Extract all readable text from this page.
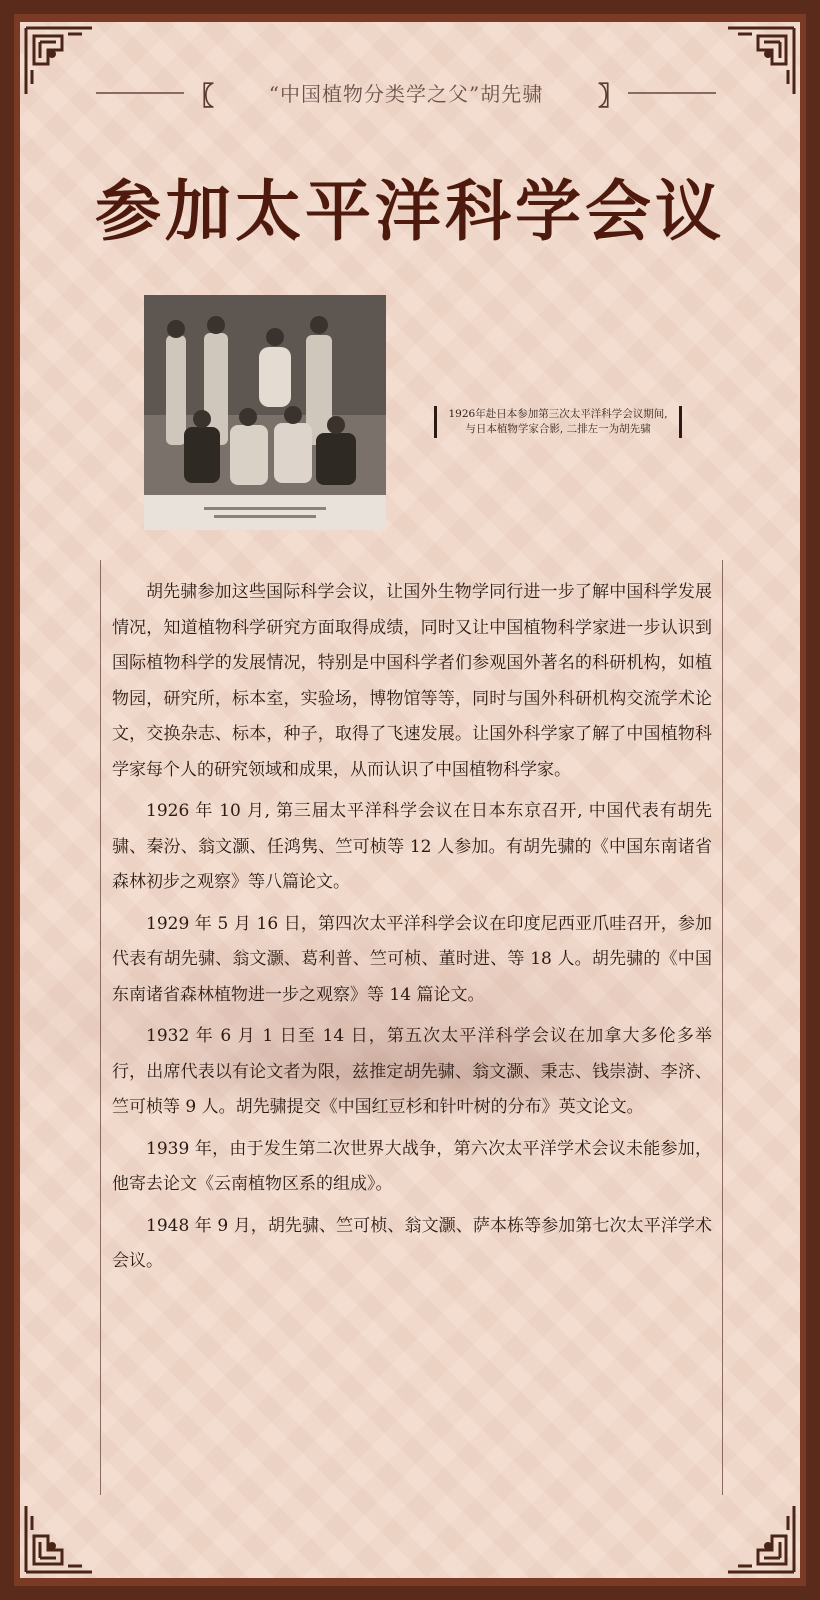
〖	“中国植物分类学之父”胡先骕	〗
参加太平洋科学会议
1926年赴日本参加第三次太平洋科学会议期间,
与日本植物学家合影, 二排左一为胡先骕

胡先骕参加这些国际科学会议，让国外生物学同行进一步了解中国科学发展情况，知道植物科学研究方面取得成绩，同时又让中国植物科学家进一步认识到国际植物科学的发展情况，特别是中国科学者们参观国外著名的科研机构，如植物园，研究所，标本室，实验场，博物馆等等，同时与国外科研机构交流学术论文，交换杂志、标本，种子，取得了飞速发展。让国外科学家了解了中国植物科学家每个人的研究领域和成果，从而认识了中国植物科学家。

1926 年 10 月, 第三届太平洋科学会议在日本东京召开, 中国代表有胡先骕、秦汾、翁文灏、任鸿隽、竺可桢等 12 人参加。有胡先骕的《中国东南诸省森林初步之观察》等八篇论文。

1929 年 5 月 16 日，第四次太平洋科学会议在印度尼西亚爪哇召开，参加代表有胡先骕、翁文灏、葛利普、竺可桢、董时进、等 18 人。胡先骕的《中国东南诸省森林植物进一步之观察》等 14 篇论文。

1932 年 6 月 1 日至 14 日，第五次太平洋科学会议在加拿大多伦多举行，出席代表以有论文者为限，兹推定胡先骕、翁文灏、秉志、钱崇澍、李济、竺可桢等 9 人。胡先骕提交《中国红豆杉和针叶树的分布》英文论文。

1939 年，由于发生第二次世界大战争，第六次太平洋学术会议未能参加，他寄去论文《云南植物区系的组成》。

1948 年 9 月，胡先骕、竺可桢、翁文灏、萨本栋等参加第七次太平洋学术会议。
